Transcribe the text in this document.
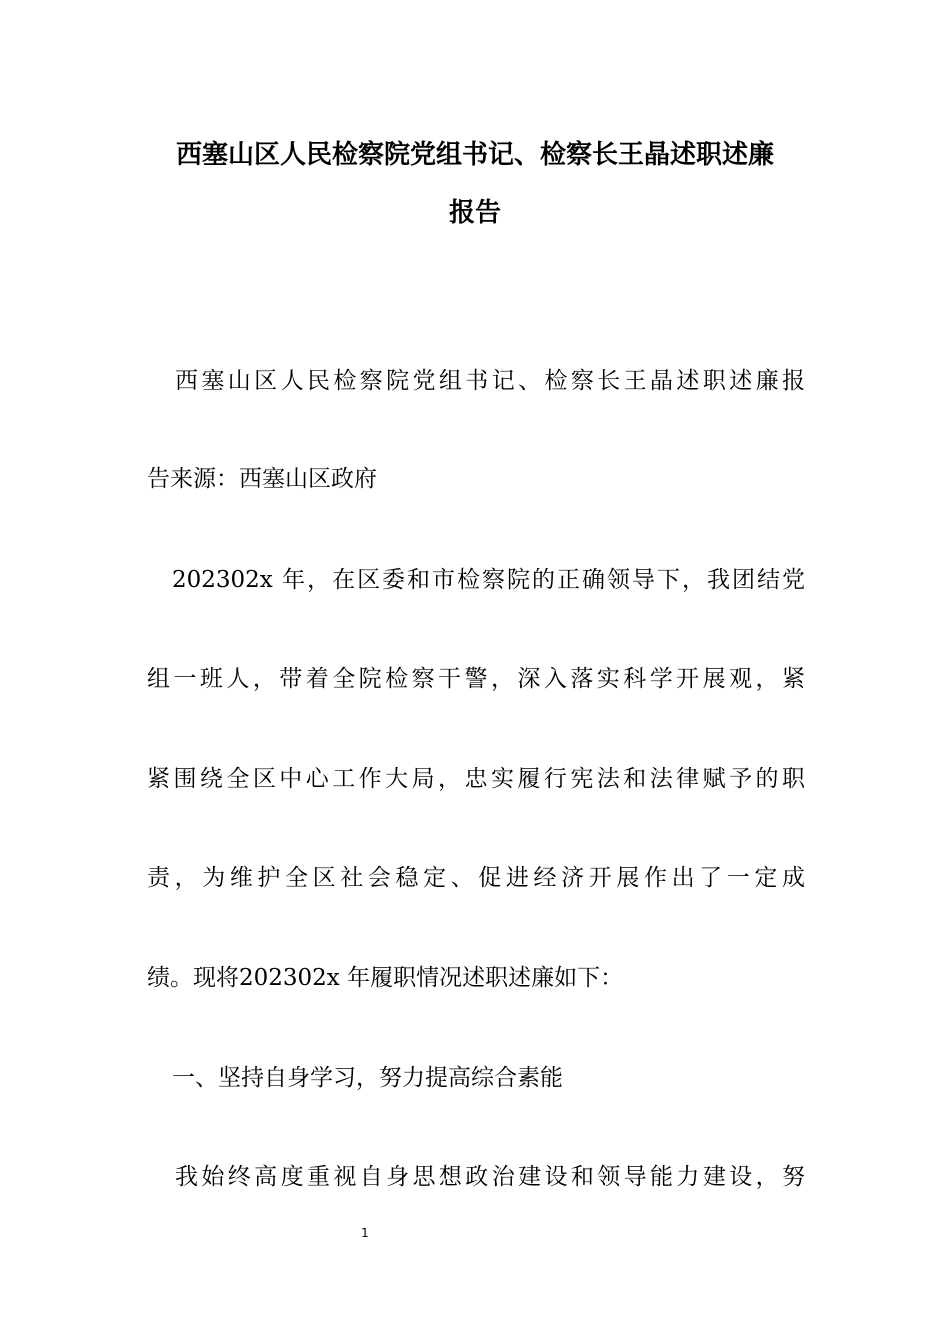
西塞山区人民检察院党组书记、检察长王晶述职述廉
报告
西塞山区人民检察院党组书记、检察长王晶述职述廉报
告来源：西塞山区政府
202302x 年，在区委和市检察院的正确领导下，我团结党
组一班人，带着全院检察干警，深入落实科学开展观，紧
紧围绕全区中心工作大局，忠实履行宪法和法律赋予的职
责，为维护全区社会稳定、促进经济开展作出了一定成
绩。现将202302x 年履职情况述职述廉如下：
一、坚持自身学习，努力提高综合素能
我始终高度重视自身思想政治建设和领导能力建设，努
1
